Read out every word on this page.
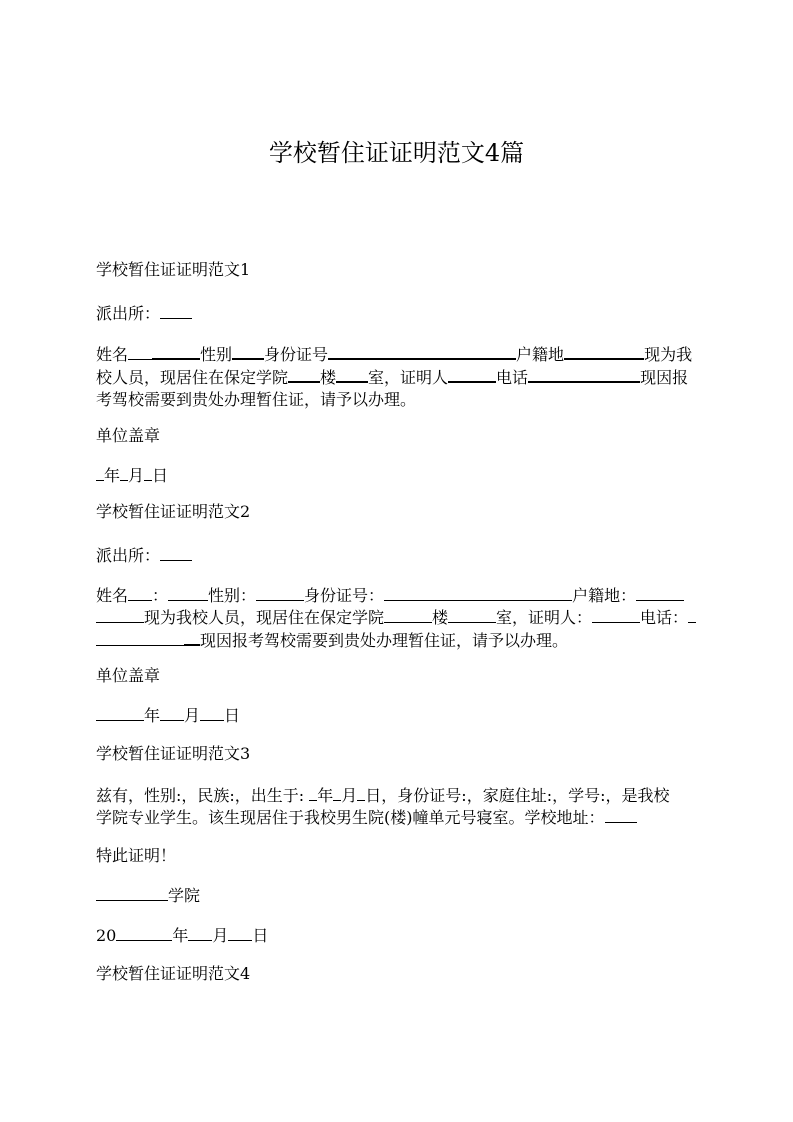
学校暂住证证明范文4篇
学校暂住证证明范文1
派出所：
姓名	性别 身份证号	户籍地	现为我
校人员，现居住在保定学院 楼 室，证明人	电话	现因报
考驾校需要到贵处办理暂住证，请予以办理。
单位盖章
年 月 日
学校暂住证证明范文2
派出所：
姓名 ：	性别：	身份证号：	户籍地：
现为我校人员，现居住在保定学院	楼	室，证明人：	电话：
现因报考驾校需要到贵处办理暂住证，请予以办理。
单位盖章
年 月 日
学校暂住证证明范文3
兹有，性别:，民族:，出生于: 年 月 日，身份证号:，家庭住址:，学号:，是我校
学院专业学生。该生现居住于我校男生院(楼)幢单元号寝室。学校地址：
特此证明！
学院
20	年 月 日
学校暂住证证明范文4
